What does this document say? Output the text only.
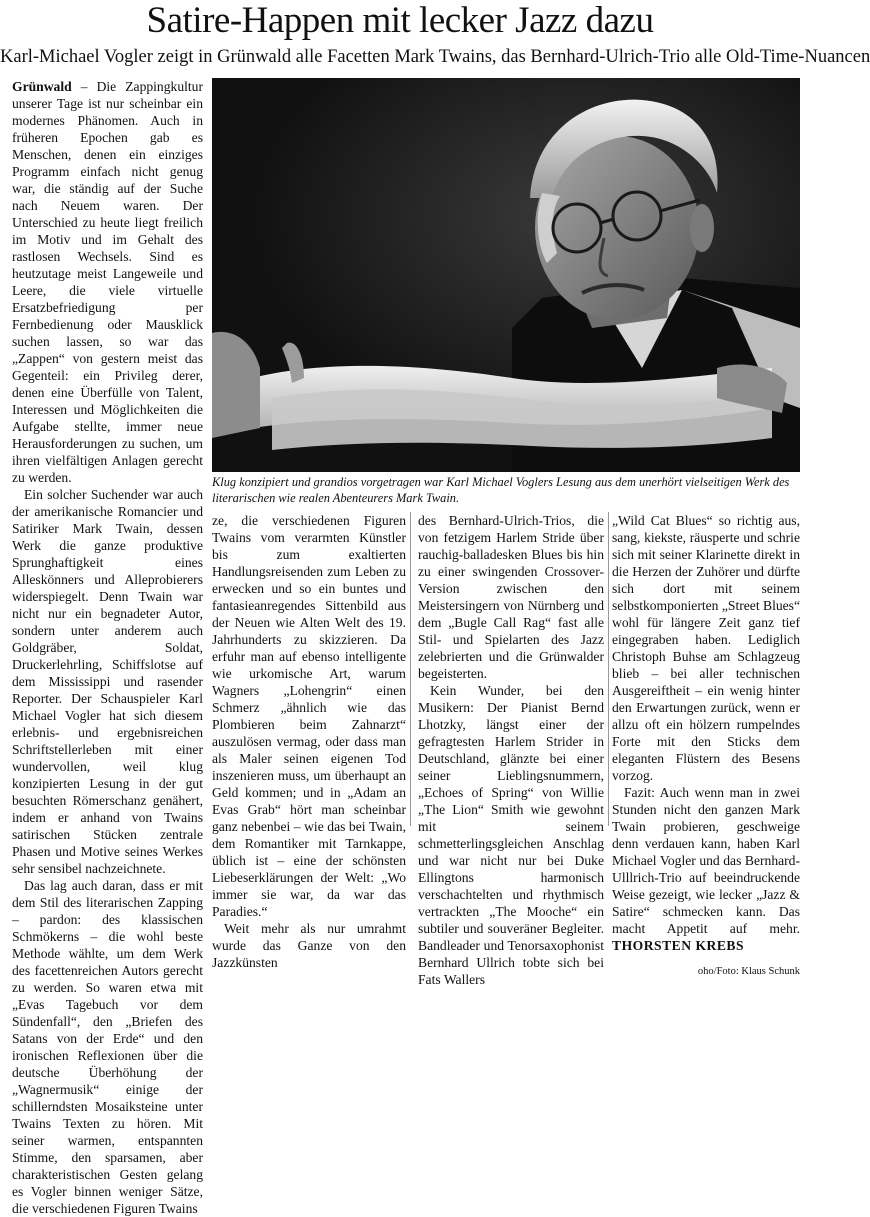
Satire-Happen mit lecker Jazz dazu
Karl-Michael Vogler zeigt in Grünwald alle Facetten Mark Twains, das Bernhard-Ulrich-Trio alle Old-Time-Nuancen

Grünwald – Die Zappingkultur unserer Tage ist nur scheinbar ein modernes Phänomen. Auch in früheren Epochen gab es Menschen, denen ein einziges Programm einfach nicht genug war, die ständig auf der Suche nach Neuem waren. Der Unterschied zu heute liegt freilich im Motiv und im Gehalt des rastlosen Wechsels. Sind es heutzutage meist Langeweile und Leere, die viele virtuelle Ersatzbefriedigung per Fernbedienung oder Mausklick suchen lassen, so war das „Zappen“ von gestern meist das Gegenteil: ein Privileg derer, denen eine Überfülle von Talent, Interessen und Möglichkeiten die Aufgabe stellte, immer neue Herausforderungen zu suchen, um ihren vielfältigen Anlagen gerecht zu werden.

Ein solcher Suchender war auch der amerikanische Romancier und Satiriker Mark Twain, dessen Werk die ganze produktive Sprunghaftigkeit eines Alleskönners und Alleprobierers widerspiegelt. Denn Twain war nicht nur ein begnadeter Autor, sondern unter anderem auch Goldgräber, Soldat, Druckerlehrling, Schiffslotse auf dem Mississippi und rasender Reporter. Der Schauspieler Karl Michael Vogler hat sich diesem erlebnis- und ergebnisreichen Schriftstellerleben mit einer wundervollen, weil klug konzipierten Lesung in der gut besuchten Römerschanz genähert, indem er anhand von Twains satirischen Stücken zentrale Phasen und Motive seines Werkes sehr sensibel nachzeichnete.

Das lag auch daran, dass er mit dem Stil des literarischen Zapping – pardon: des klassischen Schmökerns – die wohl beste Methode wählte, um dem Werk des facettenreichen Autors gerecht zu werden. So waren etwa mit „Evas Tagebuch vor dem Sündenfall“, den „Briefen des Satans von der Erde“ und den ironischen Reflexionen über die deutsche Überhöhung der „Wagnermusik“ einige der schillerndsten Mosaiksteine unter Twains Texten zu hören. Mit seiner warmen, entspannten Stimme, den sparsamen, aber charakteristischen Gesten gelang es Vogler binnen weniger Sätze, die verschiedenen Figuren Twains

Klug konzipiert und grandios vorgetragen war Karl Michael Voglers Lesung aus dem unerhört vielseitigen Werk des literarischen wie realen Abenteurers Mark Twain.
oho/Foto: Klaus Schunk

ze, die verschiedenen Figuren Twains vom verarmten Künstler bis zum exaltierten Handlungsreisenden zum Leben zu erwecken und so ein buntes und fantasieanregendes Sittenbild aus der Neuen wie Alten Welt des 19. Jahrhunderts zu skizzieren. Da erfuhr man auf ebenso intelligente wie urkomische Art, warum Wagners „Lohengrin“ einen Schmerz „ähnlich wie das Plombieren beim Zahnarzt“ auszulösen vermag, oder dass man als Maler seinen eigenen Tod inszenieren muss, um überhaupt an Geld kommen; und in „Adam an Evas Grab“ hört man scheinbar ganz nebenbei – wie das bei Twain, dem Romantiker mit Tarnkappe, üblich ist – eine der schönsten Liebeserklärungen der Welt: „Wo immer sie war, da war das Paradies.“

Weit mehr als nur umrahmt wurde das Ganze von den Jazzkünsten

des Bernhard-Ulrich-Trios, die von fetzigem Harlem Stride über rauchig-balladesken Blues bis hin zu einer swingenden Crossover-Version zwischen den Meistersingern von Nürnberg und dem „Bugle Call Rag“ fast alle Stil- und Spielarten des Jazz zelebrierten und die Grünwalder begeisterten.

Kein Wunder, bei den Musikern: Der Pianist Bernd Lhotzky, längst einer der gefragtesten Harlem Strider in Deutschland, glänzte bei einer seiner Lieblingsnummern, „Echoes of Spring“ von Willie „The Lion“ Smith wie gewohnt mit seinem schmetterlingsgleichen Anschlag und war nicht nur bei Duke Ellingtons harmonisch verschachtelten und rhythmisch vertrackten „The Mooche“ ein subtiler und souveräner Begleiter. Bandleader und Tenorsaxophonist Bernhard Ullrich tobte sich bei Fats Wallers

„Wild Cat Blues“ so richtig aus, sang, kiekste, räusperte und schrie sich mit seiner Klarinette direkt in die Herzen der Zuhörer und dürfte sich dort mit seinem selbstkomponierten „Street Blues“ wohl für längere Zeit ganz tief eingegraben haben. Lediglich Christoph Buhse am Schlagzeug blieb – bei aller technischen Ausgereiftheit – ein wenig hinter den Erwartungen zurück, wenn er allzu oft ein hölzern rumpelndes Forte mit den Sticks dem eleganten Flüstern des Besens vorzog.

Fazit: Auch wenn man in zwei Stunden nicht den ganzen Mark Twain probieren, geschweige denn verdauen kann, haben Karl Michael Vogler und das Bernhard-Ulllrich-Trio auf beeindruckende Weise gezeigt, wie lecker „Jazz & Satire“ schmecken kann. Das macht Appetit auf mehr. THORSTEN KREBS
